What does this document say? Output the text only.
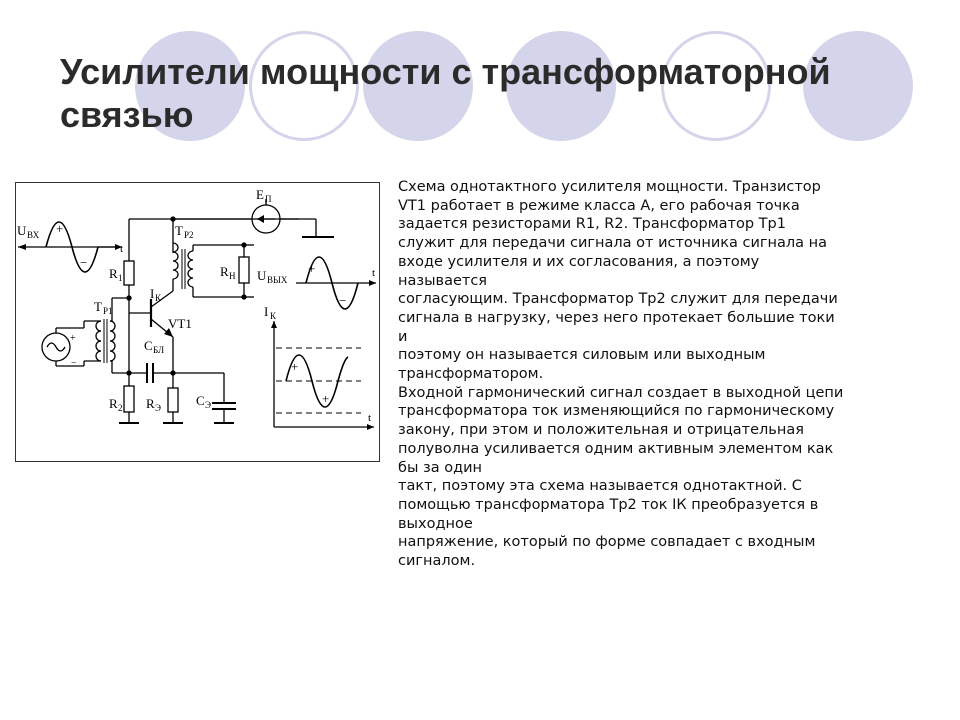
Усилители мощности с трансформаторной
связью
U ВХ +
−
t
R 1
R 2
Т Р1
+
−
VT1
С БЛ
R Э	С Э
Т Р2
I К
R Н U ВЫХ
Е П
+
−
t
I К
+
+
t

Схема однотактного усилителя мощности. Транзистор

VT1 работает в режиме класса А, его рабочая точка

задается резисторами R1, R2. Трансформатор Тр1

служит для передачи сигнала от источника сигнала на

входе усилителя и их согласования, а поэтому

называется

согласующим. Трансформатор Тр2 служит для передачи

сигнала в нагрузку, через него протекает большие токи

и

поэтому он называется силовым или выходным

трансформатором.

Входной гармонический сигнал создает в выходной цепи

трансформатора ток изменяющийся по гармоническому

закону, при этом и положительная и отрицательная

полуволна усиливается одним активным элементом как

бы за один

такт, поэтому эта схема называется однотактной. С

помощью трансформатора Тр2 ток IК преобразуется в

выходное

напряжение, который по форме совпадает с входным

сигналом.
